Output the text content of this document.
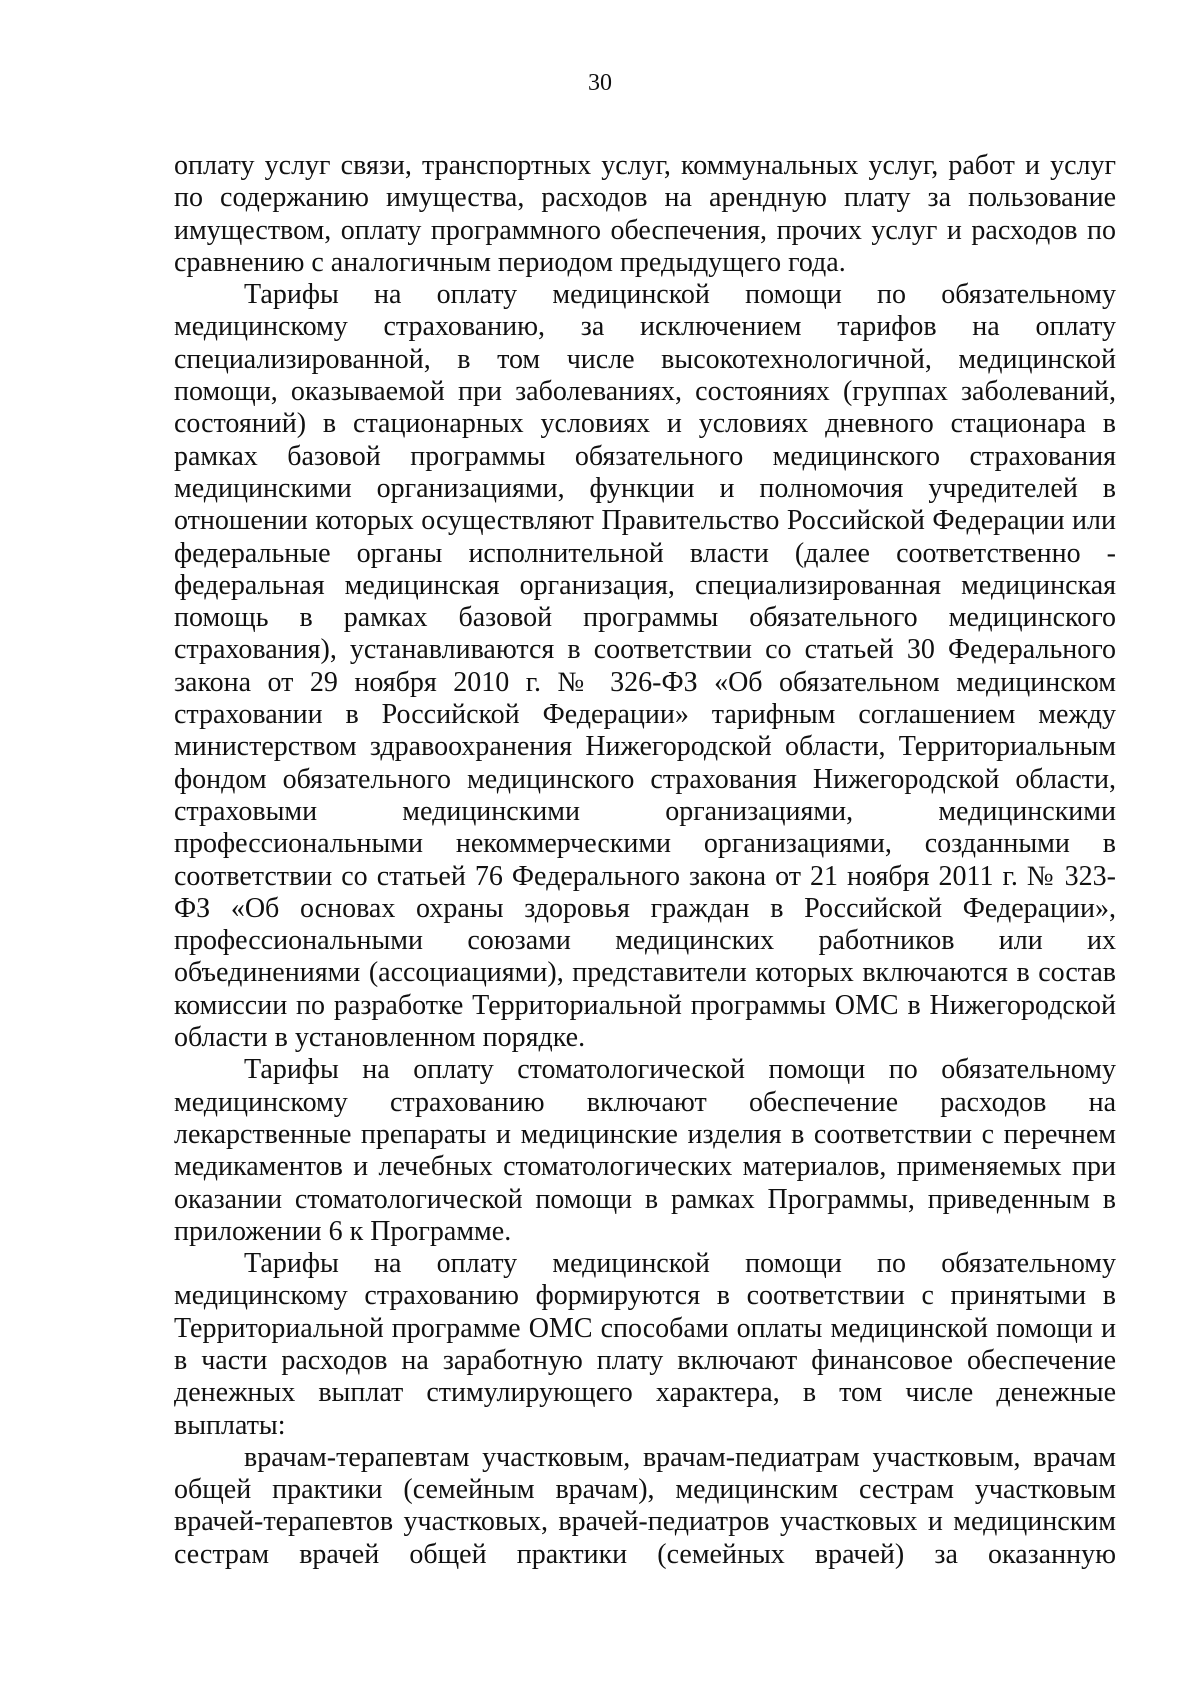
30

оплату услуг связи, транспортных услуг, коммунальных услуг, работ и услуг по содержанию имущества, расходов на арендную плату за пользование имуществом, оплату программного обеспечения, прочих услуг и расходов по сравнению с аналогичным периодом предыдущего года.

Тарифы на оплату медицинской помощи по обязательному медицинскому страхованию, за исключением тарифов на оплату специализированной, в том числе высокотехнологичной, медицинской помощи, оказываемой при заболеваниях, состояниях (группах заболеваний, состояний) в стационарных условиях и условиях дневного стационара в рамках базовой программы обязательного медицинского страхования медицинскими организациями, функции и полномочия учредителей в отношении которых осуществляют Правительство Российской Федерации или федеральные органы исполнительной власти (далее соответственно - федеральная медицинская организация, специализированная медицинская помощь в рамках базовой программы обязательного медицинского страхования), устанавливаются в соответствии со статьей 30 Федерального закона от 29 ноября 2010 г. № 326-ФЗ «Об обязательном медицинском страховании в Российской Федерации» тарифным соглашением между министерством здравоохранения Нижегородской области, Территориальным фондом обязательного медицинского страхования Нижегородской области, страховыми медицинскими организациями, медицинскими профессиональными некоммерческими организациями, созданными в соответствии со статьей 76 Федерального закона от 21 ноября 2011 г. № 323-ФЗ «Об основах охраны здоровья граждан в Российской Федерации», профессиональными союзами медицинских работников или их объединениями (ассоциациями), представители которых включаются в состав комиссии по разработке Территориальной программы ОМС в Нижегородской области в установленном порядке.

Тарифы на оплату стоматологической помощи по обязательному медицинскому страхованию включают обеспечение расходов на лекарственные препараты и медицинские изделия в соответствии с перечнем медикаментов и лечебных стоматологических материалов, применяемых при оказании стоматологической помощи в рамках Программы, приведенным в приложении 6 к Программе.

Тарифы на оплату медицинской помощи по обязательному медицинскому страхованию формируются в соответствии с принятыми в Территориальной программе ОМС способами оплаты медицинской помощи и в части расходов на заработную плату включают финансовое обеспечение денежных выплат стимулирующего характера, в том числе денежные выплаты:

врачам-терапевтам участковым, врачам-педиатрам участковым, врачам общей практики (семейным врачам), медицинским сестрам участковым врачей-терапевтов участковых, врачей-педиатров участковых и медицинским сестрам врачей общей практики (семейных врачей) за оказанную
